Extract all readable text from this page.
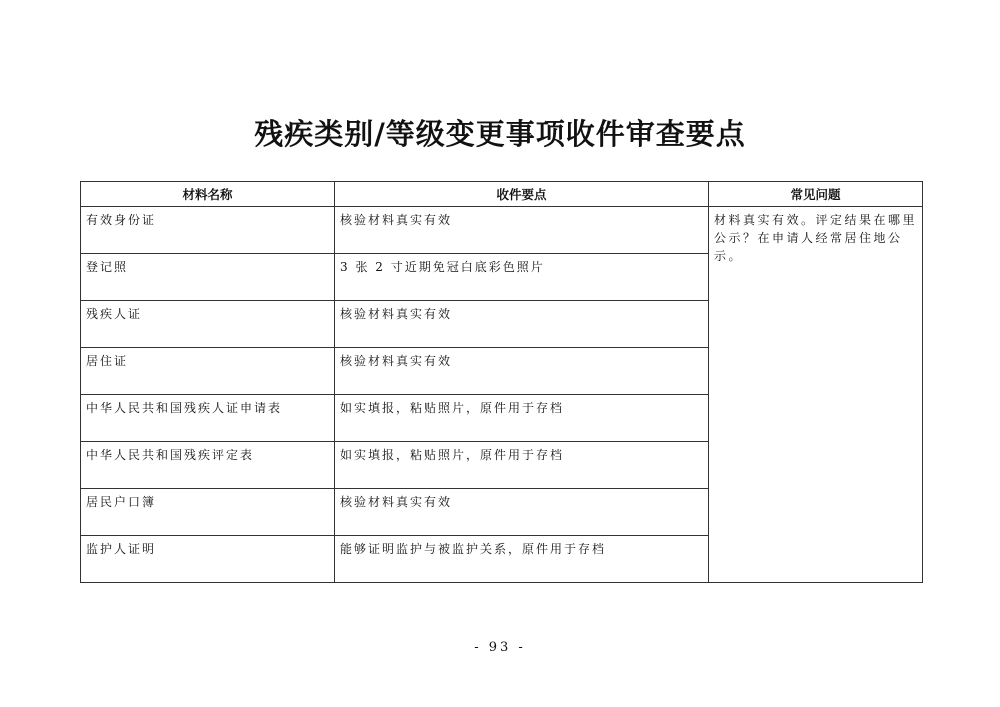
残疾类别/等级变更事项收件审查要点
材料名称	收件要点	常见问题
有效身份证	核验材料真实有效	材料真实有效。评定结果在哪里公示？在申请人经常居住地公示。
登记照	3 张 2 寸近期免冠白底彩色照片	
残疾人证	核验材料真实有效	
居住证	核验材料真实有效	
中华人民共和国残疾人证申请表	如实填报，粘贴照片，原件用于存档	
中华人民共和国残疾评定表	如实填报，粘贴照片，原件用于存档	
居民户口簿	核验材料真实有效	
监护人证明	能够证明监护与被监护关系，原件用于存档	
- 93 -
